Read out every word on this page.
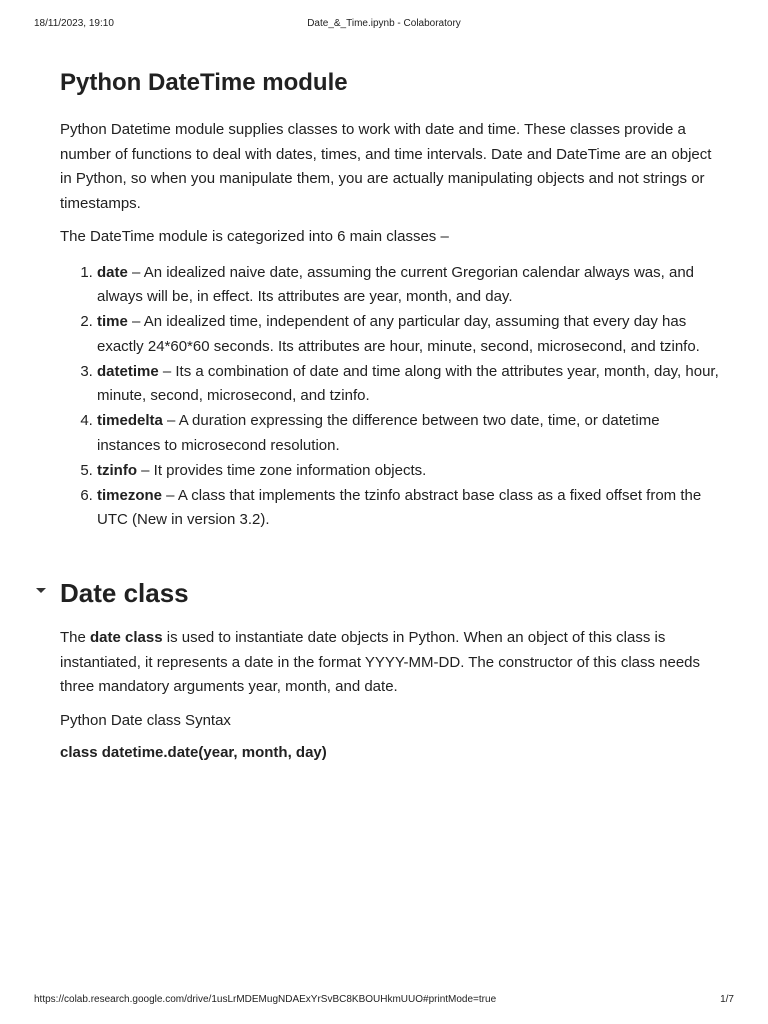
18/11/2023, 19:10	Date_&_Time.ipynb - Colaboratory
Python DateTime module

Python Datetime module supplies classes to work with date and time. These classes provide a number of functions to deal with dates, times, and time intervals. Date and DateTime are an object in Python, so when you manipulate them, you are actually manipulating objects and not strings or timestamps.

The DateTime module is categorized into 6 main classes –

1. date – An idealized naive date, assuming the current Gregorian calendar always was, and always will be, in effect. Its attributes are year, month, and day.
2. time – An idealized time, independent of any particular day, assuming that every day has exactly 24*60*60 seconds. Its attributes are hour, minute, second, microsecond, and tzinfo.
3. datetime – Its a combination of date and time along with the attributes year, month, day, hour, minute, second, microsecond, and tzinfo.
4. timedelta – A duration expressing the difference between two date, time, or datetime instances to microsecond resolution.
5. tzinfo – It provides time zone information objects.
6. timezone – A class that implements the tzinfo abstract base class as a fixed offset from the UTC (New in version 3.2).
Date class

The date class is used to instantiate date objects in Python. When an object of this class is instantiated, it represents a date in the format YYYY-MM-DD. The constructor of this class needs three mandatory arguments year, month, and date.

Python Date class Syntax

class datetime.date(year, month, day)

https://colab.research.google.com/drive/1usLrMDEMugNDAExYrSvBC8KBOUHkmUUO#printMode=true	1/7
